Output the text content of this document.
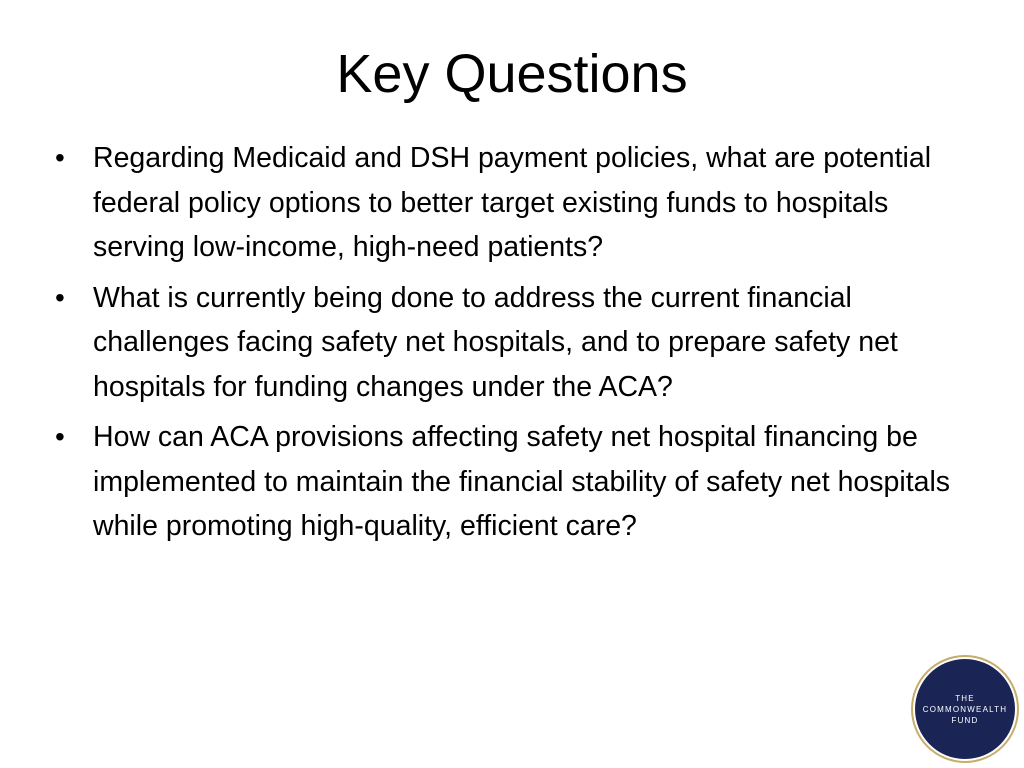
Key Questions
• Regarding Medicaid and DSH payment policies, what are potential federal policy options to better target existing funds to hospitals serving low-income, high-need patients?
• What is currently being done to address the current financial challenges facing safety net hospitals, and to prepare safety net hospitals for funding changes under the ACA?
• How can ACA provisions affecting safety net hospital financing be implemented to maintain the financial stability of safety net hospitals while promoting high-quality, efficient care?
THE
COMMONWEALTH
FUND
